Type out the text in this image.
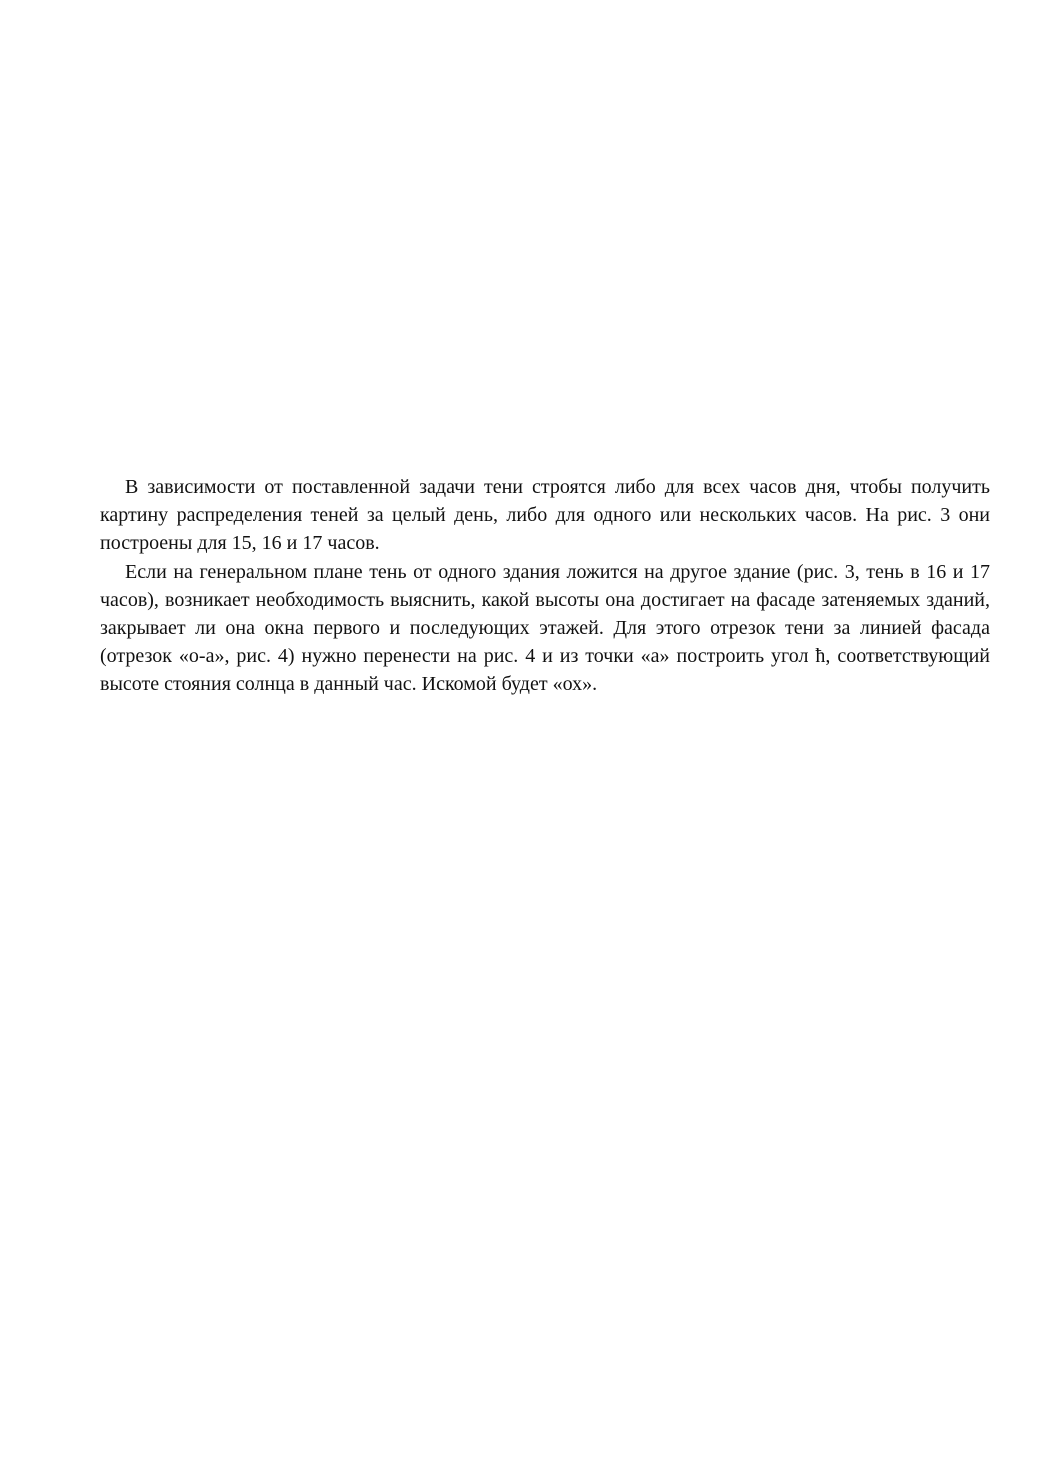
В зависимости от поставленной задачи тени строятся либо для всех часов дня, чтобы получить картину распределения теней за целый день, либо для одного или нескольких часов. На рис. 3 они построены для 15, 16 и 17 часов.

Если на генеральном плане тень от одного здания ложится на другое здание (рис. 3, тень в 16 и 17 часов), возникает необходимость выяснить, какой высоты она достигает на фасаде затеняемых зданий, закрывает ли она окна первого и последующих этажей. Для этого отрезок тени за линией фасада (отрезок «о-а», рис. 4) нужно перенести на рис. 4 и из точки «а» построить угол ħ, соответствующий высоте стояния солнца в данный час. Искомой будет «ох».
